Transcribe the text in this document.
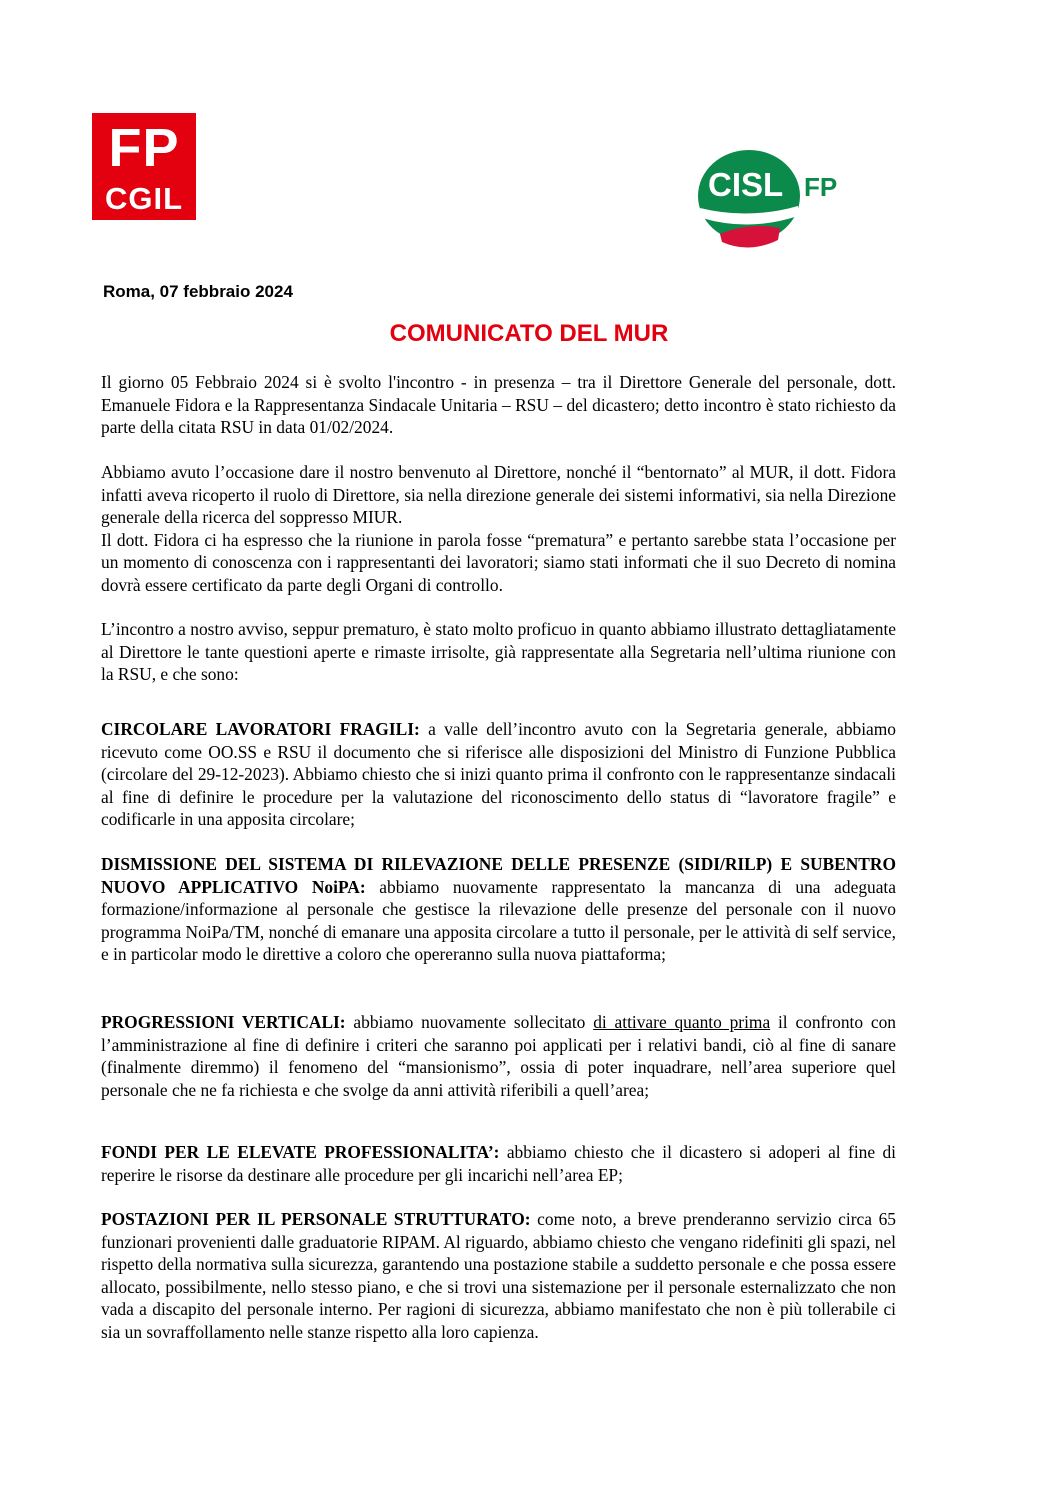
FP
CGIL	CISL FP
Roma, 07 febbraio 2024
COMUNICATO DEL MUR

Il giorno 05 Febbraio 2024 si è svolto l'incontro - in presenza – tra il Direttore Generale del personale, dott. Emanuele Fidora e la Rappresentanza Sindacale Unitaria – RSU – del dicastero; detto incontro è stato richiesto da parte della citata RSU in data 01/02/2024.

Abbiamo avuto l’occasione dare il nostro benvenuto al Direttore, nonché il “bentornato” al MUR, il dott. Fidora infatti aveva ricoperto il ruolo di Direttore, sia nella direzione generale dei sistemi informativi, sia nella Direzione generale della ricerca del soppresso MIUR.

Il dott. Fidora ci ha espresso che la riunione in parola fosse “prematura” e pertanto sarebbe stata l’occasione per un momento di conoscenza con i rappresentanti dei lavoratori; siamo stati informati che il suo Decreto di nomina dovrà essere certificato da parte degli Organi di controllo.

L’incontro a nostro avviso, seppur prematuro, è stato molto proficuo in quanto abbiamo illustrato dettagliatamente al Direttore le tante questioni aperte e rimaste irrisolte, già rappresentate alla Segretaria nell’ultima riunione con la RSU, e che sono:

CIRCOLARE LAVORATORI FRAGILI: a valle dell’incontro avuto con la Segretaria generale, abbiamo ricevuto come OO.SS e RSU il documento che si riferisce alle disposizioni del Ministro di Funzione Pubblica (circolare del 29-12-2023). Abbiamo chiesto che si inizi quanto prima il confronto con le rappresentanze sindacali al fine di definire le procedure per la valutazione del riconoscimento dello status di “lavoratore fragile” e codificarle in una apposita circolare;

DISMISSIONE DEL SISTEMA DI RILEVAZIONE DELLE PRESENZE (SIDI/RILP) E SUBENTRO NUOVO APPLICATIVO NoiPA: abbiamo nuovamente rappresentato la mancanza di una adeguata formazione/informazione al personale che gestisce la rilevazione delle presenze del personale con il nuovo programma NoiPa/TM, nonché di emanare una apposita circolare a tutto il personale, per le attività di self service, e in particolar modo le direttive a coloro che opereranno sulla nuova piattaforma;

PROGRESSIONI VERTICALI: abbiamo nuovamente sollecitato di attivare quanto prima il confronto con l’amministrazione al fine di definire i criteri che saranno poi applicati per i relativi bandi, ciò al fine di sanare (finalmente diremmo) il fenomeno del “mansionismo”, ossia di poter inquadrare, nell’area superiore quel personale che ne fa richiesta e che svolge da anni attività riferibili a quell’area;

FONDI PER LE ELEVATE PROFESSIONALITA’: abbiamo chiesto che il dicastero si adoperi al fine di reperire le risorse da destinare alle procedure per gli incarichi nell’area EP;

POSTAZIONI PER IL PERSONALE STRUTTURATO: come noto, a breve prenderanno servizio circa 65 funzionari provenienti dalle graduatorie RIPAM. Al riguardo, abbiamo chiesto che vengano ridefiniti gli spazi, nel rispetto della normativa sulla sicurezza, garantendo una postazione stabile a suddetto personale e che possa essere allocato, possibilmente, nello stesso piano, e che si trovi una sistemazione per il personale esternalizzato che non vada a discapito del personale interno. Per ragioni di sicurezza, abbiamo manifestato che non è più tollerabile ci sia un sovraffollamento nelle stanze rispetto alla loro capienza.
